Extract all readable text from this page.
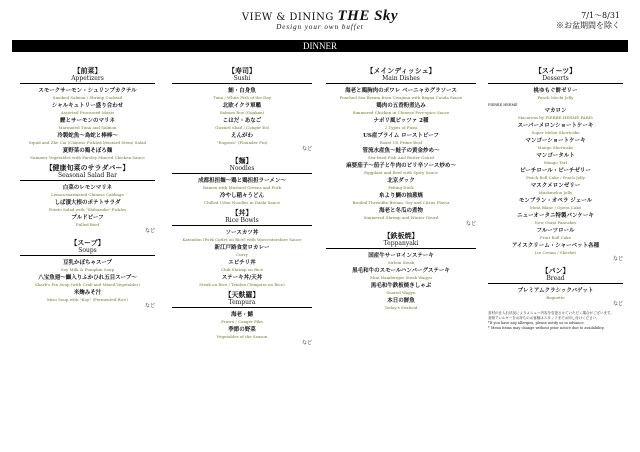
VIEW & DINING THE Sky
Design your own buffet
7/1～8/31
※お盆期間を除く
DINNER
【前菜】
Appetizers
スモークサーモン・シュリンプカクテル
Smoked Salmon / Shrimp Cocktail
シャルキュトリー盛り合わせ
Assorted Processed Meats
鰹とサーモンのマリネ
Marinated Tuna and Salmon
冷製蛇魚～鳥蛇と棒棒～
Squid and Zhe Cai (Chinese Pickled Mustard Stem) Salad
夏野菜の鶏そぼろ麺
Summer Vegetables with Parsley Minced Chicken Sauce
【健康旬菜のサラダバー】
Seasonal Salad Bar
白菜のレモンマリネ
Lemon-marinated Chinese Cabbage
しば漬大根のポテトサラダ
Potato Salad with "Shibazuke" Pickles
プルドビーフ
Pulled Beef
など
【スープ】
Soups
豆乳かぼちゃスープ
Soy Milk & Pumpkin Soup
八宝魚翅～鰤入りふかひれ五目スープ～
Shark's Fin Soup (with Crab and Mixed Vegetables)
米麹みそ汁
Miso Soup with "Koji" (Fermented Rice)
など
【寿司】
Sushi
鮪・白身魚
Tuna / White Fish of the Day
北欧イクラ軍艦
Salmon Roe (Gunkan)
こはだ・あなご
Gizzard Shad / Conger Eel
えんがわ
"Engawa" (Flounder Fin)
など
【麺】
Noodles
成都担担麺～鶏と鶏担担ラーメン～
Ramen with Mustard Greens and Pork
冷やし稲々うどん
Chilled Udon Noodles in Dashi Sauce
【丼】
Rice Bowls
ソースカツ丼
Katsudon (Pork Cutlet on Rice) with Worcestershire Sauce
新江戸路食堂ロカレー
Curry
エビチリ丼
Chili Shrimp on Rice
ステーキ丼/天丼
Steak on Rice / Tendon (Tempura on Rice)
【天麩羅】
Tempura
海老・鱚
Prawn / Conger Pike
季節の野菜
Vegetables of the Season
など
【メインディッシュ】
Main Dishes
海老と鶏胸肉のポワレ ベーニャカグラソース
Poached Sea Bream from Uwajima with Bagna Cauda Sauce
鶏肉の五香粉煮込み
Simmered Chicken in Chinese Five-spice Sauce
ナポリ風ピッツァ 2種
2 Types of Pizza
US産プライム ローストビーフ
Roast US Prime Beef
管流水産魚～鮭子の黄金炒め～
Stir-fried Fish And Butter Gourd
麻婆茄子～茄子と牛肉のピリ辛ソース炒め～
Eggplant and Beef with Spicy Sauce
北京ダック
Peking Duck
糸より鯛の抽葱焼
Broiled Threadfin Bream, Soy and Citrus Flavor
海老と冬瓜の煮物
Simmered Shrimp and Winter Gourd
など
【鉄板焼】
Teppanyaki
国産牛サーロインステーキ
Sirloin Steak
黒毛和牛のスモールハンバーグステーキ
Mini Hamburger Steak Wagyu
黒毛和牛鉄板焼きしゃぶ
Seared Wagyu
本日の鮮魚
Today's Seafood
【スイーツ】
Desserts
桃ゆもぐ餅ゼリー
Peach Mochi Jelly
PIERRE HERMÉ
マカロン
Macarons by PIERRE HERMÉ PARIS
スーパーメロンショートケーキ
Super Melon Shortcake
マンゴーショートケーキ
Mango Shortcake
マンゴータルト
Mango Tart
ピーチロール・ピーチゼリー
Peach Roll Cake / Peach Jelly
マスクメロンゼリー
Muskmelon Jelly
モンブラン・オペラ ジェール
Mont Blanc / Opera Cake
ニューオータニ特製パンケーキ
New Otani Pancakes
フルーツロール
Fruit Roll Cake
アイスクリーム・シャーベット各種
Ice Cream / Sherbet
など
【パン】
Bread
プレミアムクラシックバゲット
Baguette
など
食材の仕入れ状況によりメニュー内容を変更させていただく場合がございます。
食物アレルギーをお持ちのお客様はスタッフまでお申し付けください。
*If you have any allergies, please notify us in advance.
* Menu items may change without prior notice due to availability.
